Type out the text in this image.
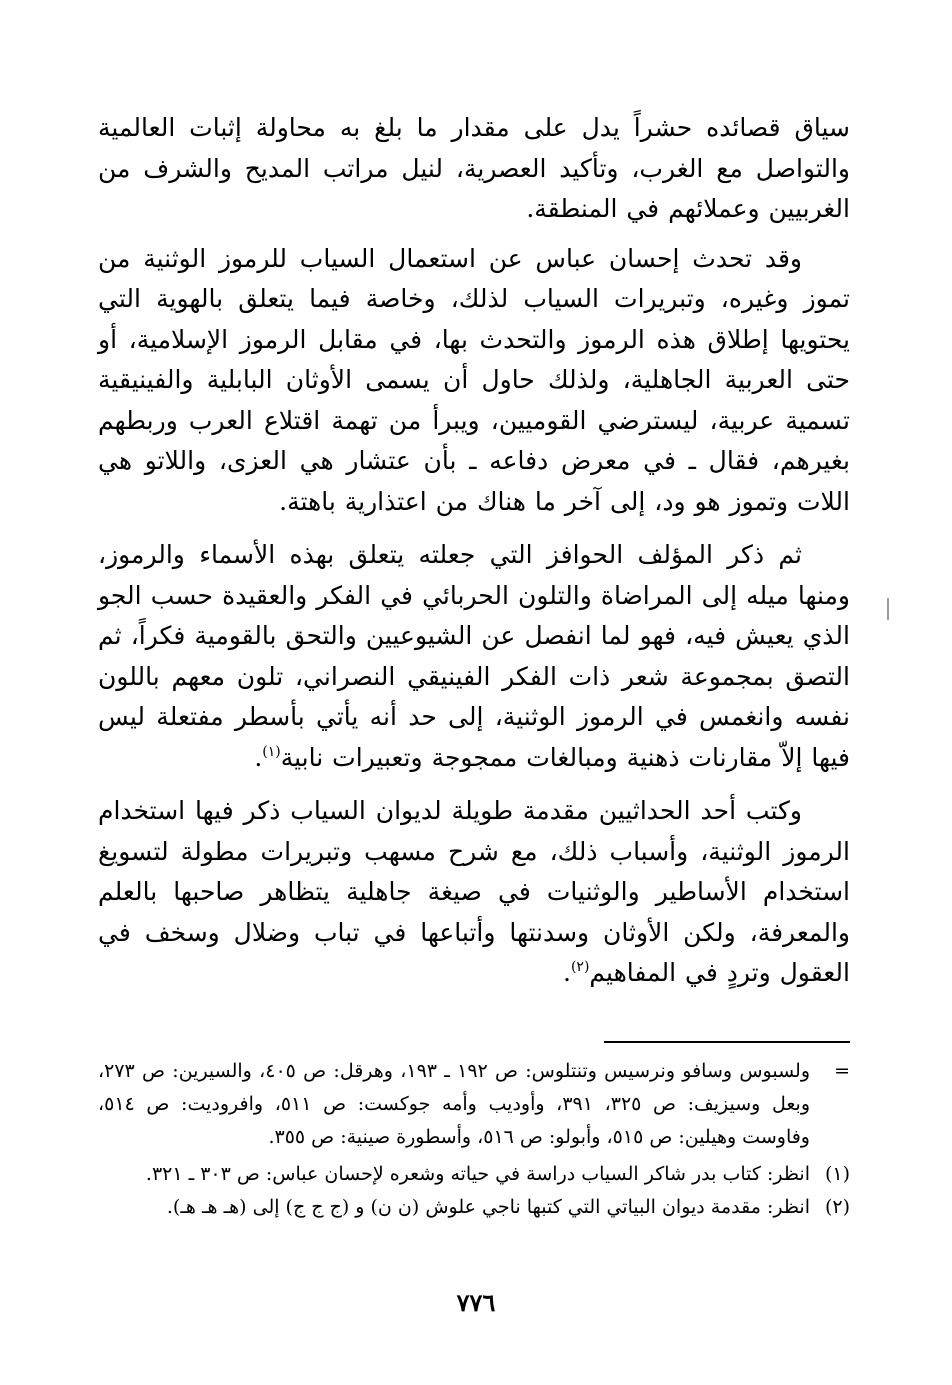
سياق قصائده حشراً يدل على مقدار ما بلغ به محاولة إثبات العالمية والتواصل مع الغرب، وتأكيد العصرية، لنيل مراتب المديح والشرف من الغربيين وعملائهم في المنطقة.

وقد تحدث إحسان عباس عن استعمال السياب للرموز الوثنية من تموز وغيره، وتبريرات السياب لذلك، وخاصة فيما يتعلق بالهوية التي يحتويها إطلاق هذه الرموز والتحدث بها، في مقابل الرموز الإسلامية، أو حتى العربية الجاهلية، ولذلك حاول أن يسمى الأوثان البابلية والفينيقية تسمية عربية، ليسترضي القوميين، ويبرأ من تهمة اقتلاع العرب وربطهم بغيرهم، فقال ـ في معرض دفاعه ـ بأن عتشار هي العزى، واللاتو هي اللات وتموز هو ود، إلى آخر ما هناك من اعتذارية باهتة.

ثم ذكر المؤلف الحوافز التي جعلته يتعلق بهذه الأسماء والرموز، ومنها ميله إلى المراضاة والتلون الحربائي في الفكر والعقيدة حسب الجو الذي يعيش فيه، فهو لما انفصل عن الشيوعيين والتحق بالقومية فكراً، ثم التصق بمجموعة شعر ذات الفكر الفينيقي النصراني، تلون معهم باللون نفسه وانغمس في الرموز الوثنية، إلى حد أنه يأتي بأسطر مفتعلة ليس فيها إلاّ مقارنات ذهنية ومبالغات ممجوجة وتعبيرات نابية$^{(١)}$.

وكتب أحد الحداثيين مقدمة طويلة لديوان السياب ذكر فيها استخدام الرموز الوثنية، وأسباب ذلك، مع شرح مسهب وتبريرات مطولة لتسويغ استخدام الأساطير والوثنيات في صيغة جاهلية يتظاهر صاحبها بالعلم والمعرفة، ولكن الأوثان وسدنتها وأتباعها في تباب وضلال وسخف في العقول وتردٍ في المفاهيم$^{(٢)}$.

=
ولسبوس وسافو ونرسيس وتنتلوس: ص ١٩٢ ـ ١٩٣، وهرقل: ص ٤٠٥، والسيرين: ص ٢٧٣، وبعل وسيزيف: ص ٣٢٥، ٣٩١، وأوديب وأمه جوكست: ص ٥١١، وافروديت: ص ٥١٤، وفاوست وهيلين: ص ٥١٥، وأبولو: ص ٥١٦، وأسطورة صينية: ص ٣٥٥.
(١)
انظر: كتاب بدر شاكر السياب دراسة في حياته وشعره لإحسان عباس: ص ٣٠٣ ـ ٣٢١.
(٢)
انظر: مقدمة ديوان البياتي التي كتبها ناجي علوش (ن ن) و (ج ج ج) إلى (هـ هـ هـ).
٧٧٦
